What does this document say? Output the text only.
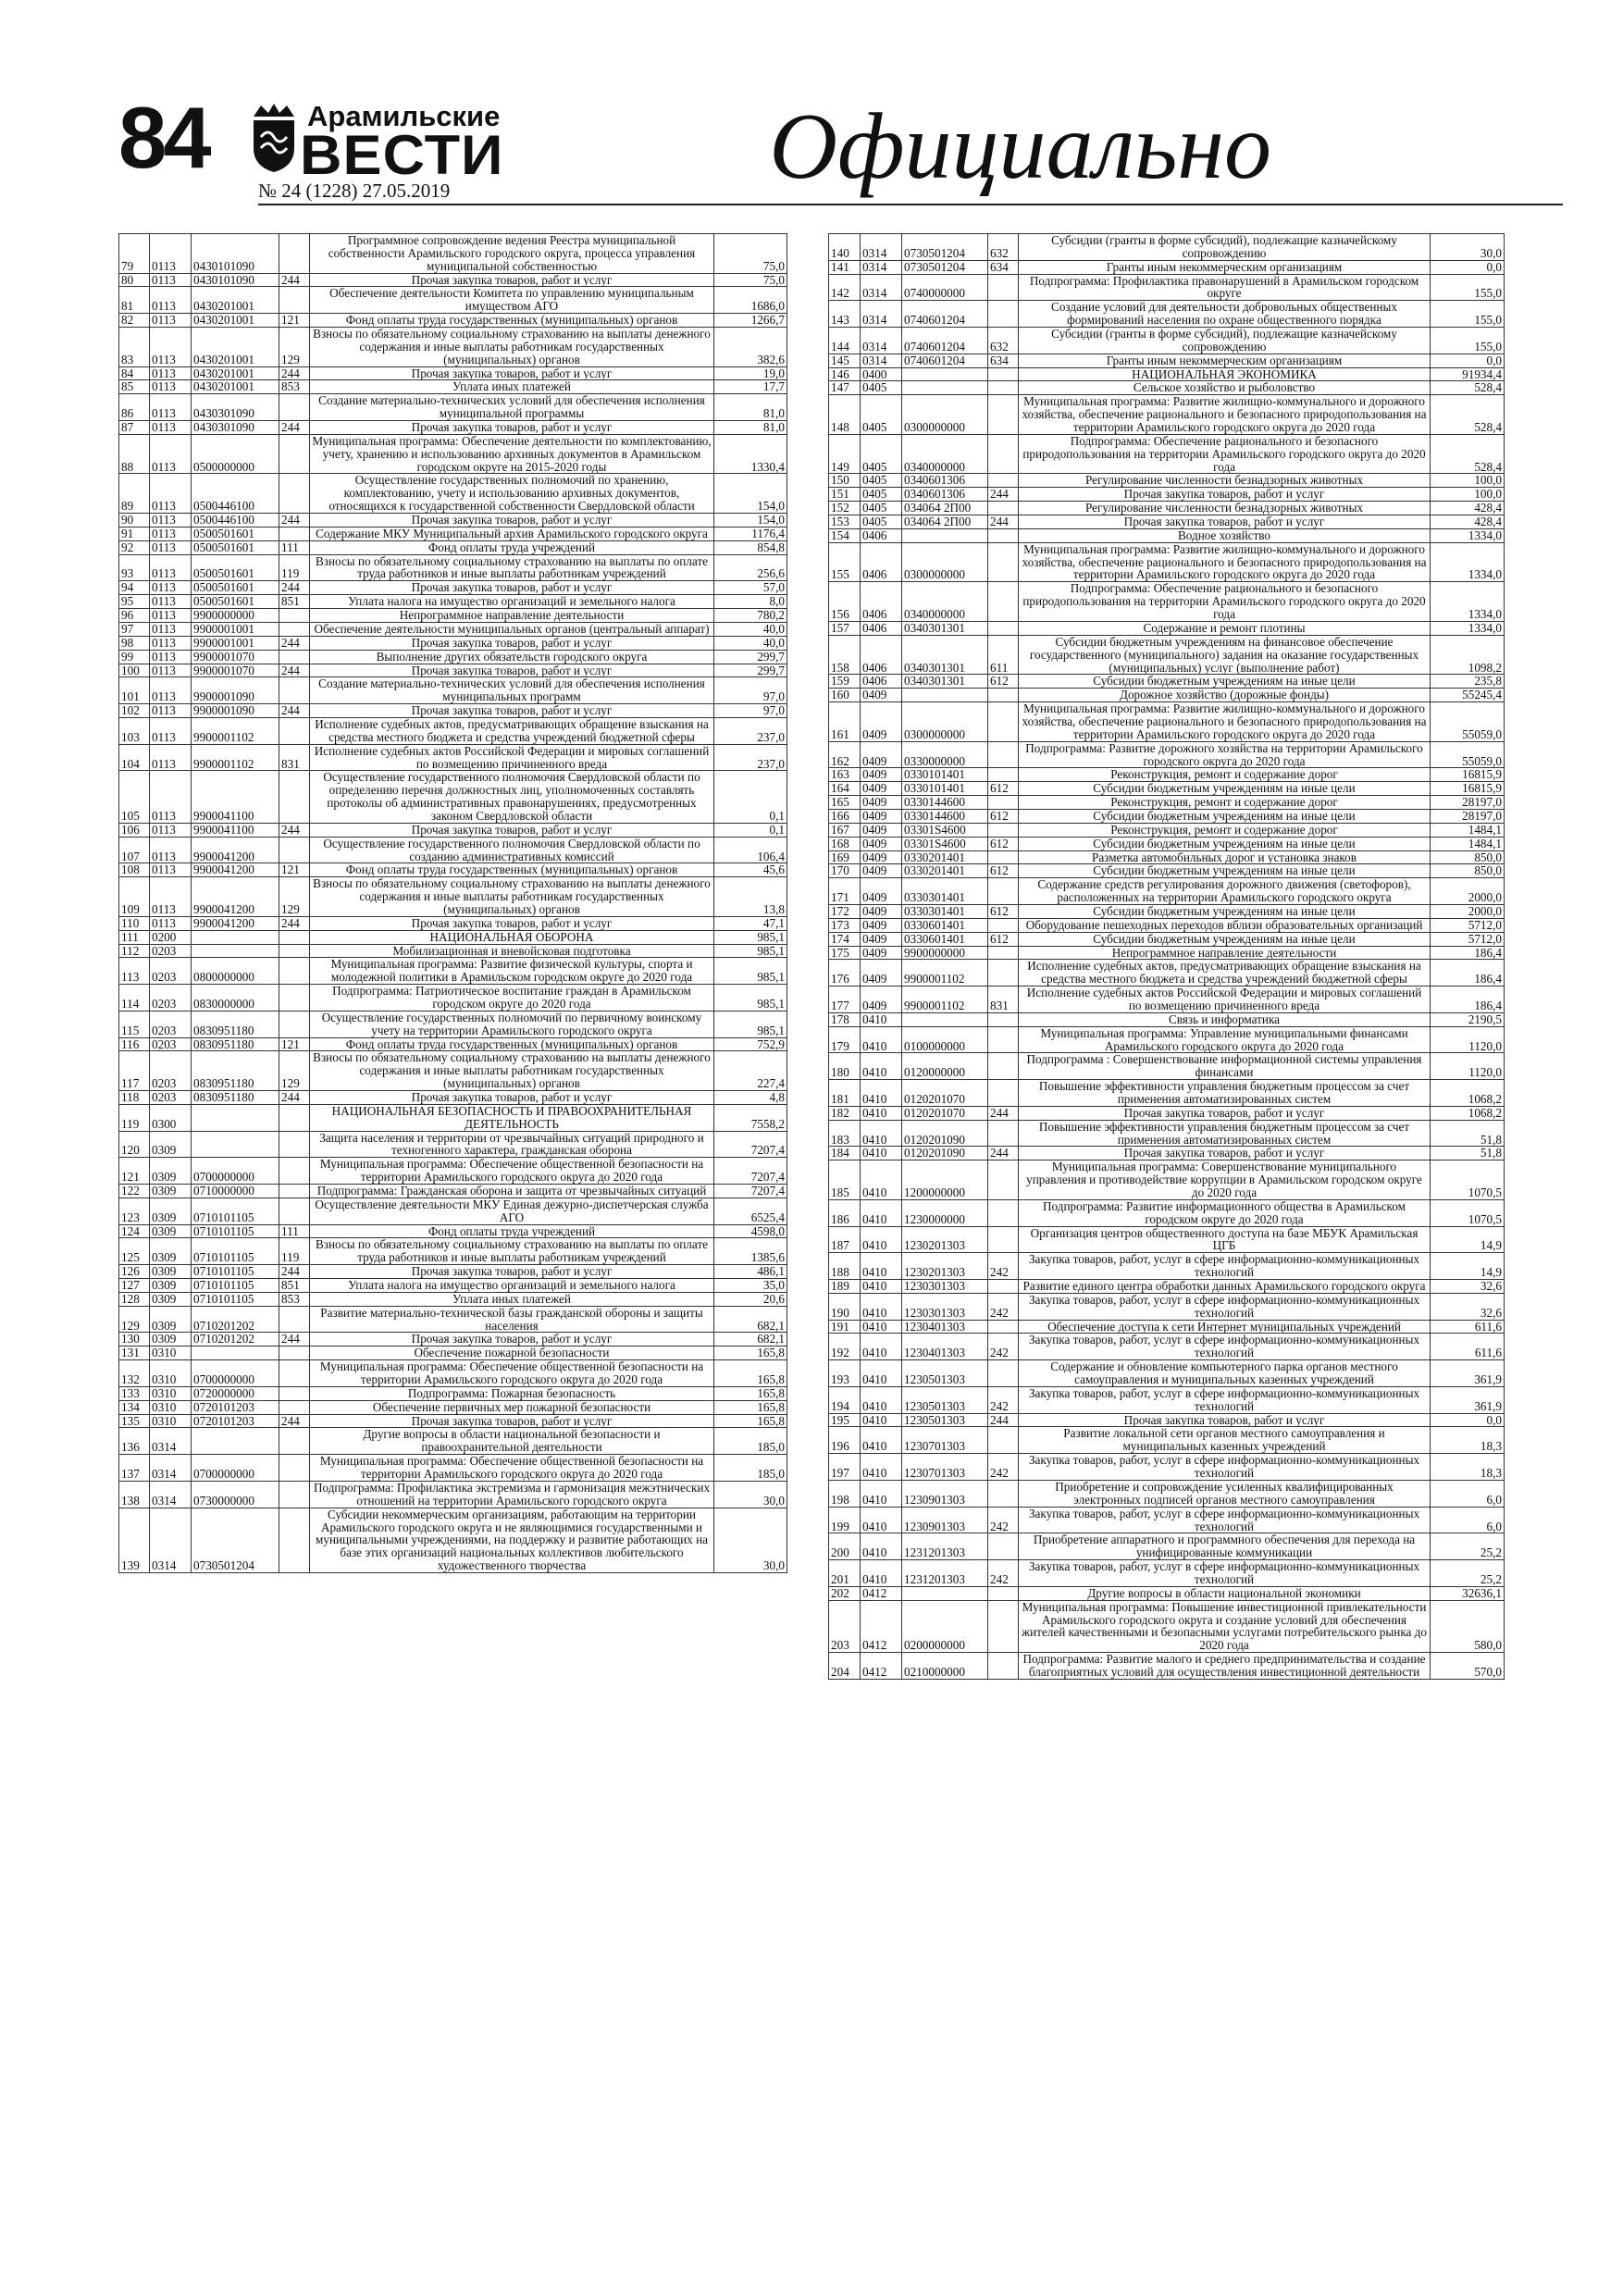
84	Арамильские
ВЕСТИ
№ 24 (1228) 27.05.2019	Официально
79	0113	0430101090		Программное сопровождение ведения Реестра муниципальной собственности Арамильского городского округа, процесса управления муниципальной собственностью	75,0
80	0113	0430101090	244	Прочая закупка товаров, работ и услуг	75,0
81	0113	0430201001		Обеспечение деятельности Комитета по управлению муниципальным имуществом АГО	1686,0
82	0113	0430201001	121	Фонд оплаты труда государственных (муниципальных) органов	1266,7
83	0113	0430201001	129	Взносы по обязательному социальному страхованию на выплаты денежного содержания и иные выплаты работникам государственных (муниципальных) органов	382,6
84	0113	0430201001	244	Прочая закупка товаров, работ и услуг	19,0
85	0113	0430201001	853	Уплата иных платежей	17,7
86	0113	0430301090		Создание материально-технических условий для обеспечения исполнения муниципальной программы	81,0
87	0113	0430301090	244	Прочая закупка товаров, работ и услуг	81,0
88	0113	0500000000		Муниципальная программа: Обеспечение деятельности по комплектованию, учету, хранению и использованию архивных документов в Арамильском городском округе на 2015-2020 годы	1330,4
89	0113	0500446100		Осуществление государственных полномочий по хранению, комплектованию, учету и использованию архивных документов, относящихся к государственной собственности Свердловской области	154,0
90	0113	0500446100	244	Прочая закупка товаров, работ и услуг	154,0
91	0113	0500501601		Содержание МКУ Муниципальный архив Арамильского городского округа	1176,4
92	0113	0500501601	111	Фонд оплаты труда учреждений	854,8
93	0113	0500501601	119	Взносы по обязательному социальному страхованию на выплаты по оплате труда работников и иные выплаты работникам учреждений	256,6
94	0113	0500501601	244	Прочая закупка товаров, работ и услуг	57,0
95	0113	0500501601	851	Уплата налога на имущество организаций и земельного налога	8,0
96	0113	9900000000		Непрограммное направление деятельности	780,2
97	0113	9900001001		Обеспечение деятельности муниципальных органов (центральный аппарат)	40,0
98	0113	9900001001	244	Прочая закупка товаров, работ и услуг	40,0
99	0113	9900001070		Выполнение других обязательств городского округа	299,7
100	0113	9900001070	244	Прочая закупка товаров, работ и услуг	299,7
101	0113	9900001090		Создание материально-технических условий для обеспечения исполнения муниципальных программ	97,0
102	0113	9900001090	244	Прочая закупка товаров, работ и услуг	97,0
103	0113	9900001102		Исполнение судебных актов, предусматривающих обращение взыскания на средства местного бюджета и средства учреждений бюджетной сферы	237,0
104	0113	9900001102	831	Исполнение судебных актов Российской Федерации и мировых соглашений по возмещению причиненного вреда	237,0
105	0113	9900041100		Осуществление государственного полномочия Свердловской области по определению перечня должностных лиц, уполномоченных составлять протоколы об административных правонарушениях, предусмотренных законом Свердловской области	0,1
106	0113	9900041100	244	Прочая закупка товаров, работ и услуг	0,1
107	0113	9900041200		Осуществление государственного полномочия Свердловской области по созданию административных комиссий	106,4
108	0113	9900041200	121	Фонд оплаты труда государственных (муниципальных) органов	45,6
109	0113	9900041200	129	Взносы по обязательному социальному страхованию на выплаты денежного содержания и иные выплаты работникам государственных (муниципальных) органов	13,8
110	0113	9900041200	244	Прочая закупка товаров, работ и услуг	47,1
111	0200			НАЦИОНАЛЬНАЯ ОБОРОНА	985,1
112	0203			Мобилизационная и вневойсковая подготовка	985,1
113	0203	0800000000		Муниципальная программа: Развитие физической культуры, спорта и молодежной политики в Арамильском городском округе до 2020 года	985,1
114	0203	0830000000		Подпрограмма: Патриотическое воспитание граждан в Арамильском городском округе до 2020 года	985,1
115	0203	0830951180		Осуществление государственных полномочий по первичному воинскому учету на территории Арамильского городского округа	985,1
116	0203	0830951180	121	Фонд оплаты труда государственных (муниципальных) органов	752,9
117	0203	0830951180	129	Взносы по обязательному социальному страхованию на выплаты денежного содержания и иные выплаты работникам государственных (муниципальных) органов	227,4
118	0203	0830951180	244	Прочая закупка товаров, работ и услуг	4,8
119	0300			НАЦИОНАЛЬНАЯ БЕЗОПАСНОСТЬ И ПРАВООХРАНИТЕЛЬНАЯ ДЕЯТЕЛЬНОСТЬ	7558,2
120	0309			Защита населения и территории от чрезвычайных ситуаций природного и техногенного характера, гражданская оборона	7207,4
121	0309	0700000000		Муниципальная программа: Обеспечение общественной безопасности на территории Арамильского городского округа до 2020 года	7207,4
122	0309	0710000000		Подпрограмма: Гражданская оборона и защита от чрезвычайных ситуаций	7207,4
123	0309	0710101105		Осуществление деятельности МКУ Единая дежурно-диспетчерская служба АГО	6525,4
124	0309	0710101105	111	Фонд оплаты труда учреждений	4598,0
125	0309	0710101105	119	Взносы по обязательному социальному страхованию на выплаты по оплате труда работников и иные выплаты работникам учреждений	1385,6
126	0309	0710101105	244	Прочая закупка товаров, работ и услуг	486,1
127	0309	0710101105	851	Уплата налога на имущество организаций и земельного налога	35,0
128	0309	0710101105	853	Уплата иных платежей	20,6
129	0309	0710201202		Развитие материально-технической базы гражданской обороны и защиты населения	682,1
130	0309	0710201202	244	Прочая закупка товаров, работ и услуг	682,1
131	0310			Обеспечение пожарной безопасности	165,8
132	0310	0700000000		Муниципальная программа: Обеспечение общественной безопасности на территории Арамильского городского округа до 2020 года	165,8
133	0310	0720000000		Подпрограмма: Пожарная безопасность	165,8
134	0310	0720101203		Обеспечение первичных мер пожарной безопасности	165,8
135	0310	0720101203	244	Прочая закупка товаров, работ и услуг	165,8
136	0314			Другие вопросы в области национальной безопасности и правоохранительной деятельности	185,0
137	0314	0700000000		Муниципальная программа: Обеспечение общественной безопасности на территории Арамильского городского округа до 2020 года	185,0
138	0314	0730000000		Подпрограмма: Профилактика экстремизма и гармонизация межэтнических отношений на территории Арамильского городского округа	30,0
139	0314	0730501204		Субсидии некоммерческим организациям, работающим на территории Арамильского городского округа и не являющимися государственными и муниципальными учреждениями, на поддержку и развитие работающих на базе этих организаций национальных коллективов любительского художественного творчества	30,0
140	0314	0730501204	632	Субсидии (гранты в форме субсидий), подлежащие казначейскому сопровождению	30,0
141	0314	0730501204	634	Гранты иным некоммерческим организациям	0,0
142	0314	0740000000		Подпрограмма: Профилактика правонарушений в Арамильском городском округе	155,0
143	0314	0740601204		Создание условий для деятельности добровольных общественных формирований населения по охране общественного порядка	155,0
144	0314	0740601204	632	Субсидии (гранты в форме субсидий), подлежащие казначейскому сопровождению	155,0
145	0314	0740601204	634	Гранты иным некоммерческим организациям	0,0
146	0400			НАЦИОНАЛЬНАЯ ЭКОНОМИКА	91934,4
147	0405			Сельское хозяйство и рыболовство	528,4
148	0405	0300000000		Муниципальная программа: Развитие жилищно-коммунального и дорожного хозяйства, обеспечение рационального и безопасного природопользования на территории Арамильского городского округа до 2020 года	528,4
149	0405	0340000000		Подпрограмма: Обеспечение рационального и безопасного природопользования на территории Арамильского городского округа до 2020 года	528,4
150	0405	0340601306		Регулирование численности безнадзорных животных	100,0
151	0405	0340601306	244	Прочая закупка товаров, работ и услуг	100,0
152	0405	034064 2П00		Регулирование численности безнадзорных животных	428,4
153	0405	034064 2П00	244	Прочая закупка товаров, работ и услуг	428,4
154	0406			Водное хозяйство	1334,0
155	0406	0300000000		Муниципальная программа: Развитие жилищно-коммунального и дорожного хозяйства, обеспечение рационального и безопасного природопользования на территории Арамильского городского округа до 2020 года	1334,0
156	0406	0340000000		Подпрограмма: Обеспечение рационального и безопасного природопользования на территории Арамильского городского округа до 2020 года	1334,0
157	0406	0340301301		Содержание и ремонт плотины	1334,0
158	0406	0340301301	611	Субсидии бюджетным учреждениям на финансовое обеспечение государственного (муниципального) задания на оказание государственных (муниципальных) услуг (выполнение работ)	1098,2
159	0406	0340301301	612	Субсидии бюджетным учреждениям на иные цели	235,8
160	0409			Дорожное хозяйство (дорожные фонды)	55245,4
161	0409	0300000000		Муниципальная программа: Развитие жилищно-коммунального и дорожного хозяйства, обеспечение рационального и безопасного природопользования на территории Арамильского городского округа до 2020 года	55059,0
162	0409	0330000000		Подпрограмма: Развитие дорожного хозяйства на территории Арамильского городского округа до 2020 года	55059,0
163	0409	0330101401		Реконструкция, ремонт и содержание дорог	16815,9
164	0409	0330101401	612	Субсидии бюджетным учреждениям на иные цели	16815,9
165	0409	0330144600		Реконструкция, ремонт и содержание дорог	28197,0
166	0409	0330144600	612	Субсидии бюджетным учреждениям на иные цели	28197,0
167	0409	03301S4600		Реконструкция, ремонт и содержание дорог	1484,1
168	0409	03301S4600	612	Субсидии бюджетным учреждениям на иные цели	1484,1
169	0409	0330201401		Разметка автомобильных дорог и установка знаков	850,0
170	0409	0330201401	612	Субсидии бюджетным учреждениям на иные цели	850,0
171	0409	0330301401		Содержание средств регулирования дорожного движения (светофоров), расположенных на территории Арамильского городского округа	2000,0
172	0409	0330301401	612	Субсидии бюджетным учреждениям на иные цели	2000,0
173	0409	0330601401		Оборудование пешеходных переходов вблизи образовательных организаций	5712,0
174	0409	0330601401	612	Субсидии бюджетным учреждениям на иные цели	5712,0
175	0409	9900000000		Непрограммное направление деятельности	186,4
176	0409	9900001102		Исполнение судебных актов, предусматривающих обращение взыскания на средства местного бюджета и средства учреждений бюджетной сферы	186,4
177	0409	9900001102	831	Исполнение судебных актов Российской Федерации и мировых соглашений по возмещению причиненного вреда	186,4
178	0410			Связь и информатика	2190,5
179	0410	0100000000		Муниципальная программа: Управление муниципальными финансами Арамильского городского округа до 2020 года	1120,0
180	0410	0120000000		Подпрограмма : Совершенствование информационной системы управления финансами	1120,0
181	0410	0120201070		Повышение эффективности управления бюджетным процессом за счет применения автоматизированных систем	1068,2
182	0410	0120201070	244	Прочая закупка товаров, работ и услуг	1068,2
183	0410	0120201090		Повышение эффективности управления бюджетным процессом за счет применения автоматизированных систем	51,8
184	0410	0120201090	244	Прочая закупка товаров, работ и услуг	51,8
185	0410	1200000000		Муниципальная программа: Совершенствование муниципального управления и противодействие коррупции в Арамильском городском округе до 2020 года	1070,5
186	0410	1230000000		Подпрограмма: Развитие информационного общества в Арамильском городском округе до 2020 года	1070,5
187	0410	1230201303		Организация центров общественного доступа на базе МБУК Арамильская ЦГБ	14,9
188	0410	1230201303	242	Закупка товаров, работ, услуг в сфере информационно-коммуникационных технологий	14,9
189	0410	1230301303		Развитие единого центра обработки данных Арамильского городского округа	32,6
190	0410	1230301303	242	Закупка товаров, работ, услуг в сфере информационно-коммуникационных технологий	32,6
191	0410	1230401303		Обеспечение доступа к сети Интернет муниципальных учреждений	611,6
192	0410	1230401303	242	Закупка товаров, работ, услуг в сфере информационно-коммуникационных технологий	611,6
193	0410	1230501303		Содержание и обновление компьютерного парка органов местного самоуправления и муниципальных казенных учреждений	361,9
194	0410	1230501303	242	Закупка товаров, работ, услуг в сфере информационно-коммуникационных технологий	361,9
195	0410	1230501303	244	Прочая закупка товаров, работ и услуг	0,0
196	0410	1230701303		Развитие локальной сети органов местного самоуправления и муниципальных казенных учреждений	18,3
197	0410	1230701303	242	Закупка товаров, работ, услуг в сфере информационно-коммуникационных технологий	18,3
198	0410	1230901303		Приобретение и сопровождение усиленных квалифицированных электронных подписей органов местного самоуправления	6,0
199	0410	1230901303	242	Закупка товаров, работ, услуг в сфере информационно-коммуникационных технологий	6,0
200	0410	1231201303		Приобретение аппаратного и программного обеспечения для перехода на унифицированные коммуникации	25,2
201	0410	1231201303	242	Закупка товаров, работ, услуг в сфере информационно-коммуникационных технологий	25,2
202	0412			Другие вопросы в области национальной экономики	32636,1
203	0412	0200000000		Муниципальная программа: Повышение инвестиционной привлекательности Арамильского городского округа и создание условий для обеспечения жителей качественными и безопасными услугами потребительского рынка до 2020 года	580,0
204	0412	0210000000		Подпрограмма: Развитие малого и среднего предпринимательства и создание благоприятных условий для осуществления инвестиционной деятельности	570,0
